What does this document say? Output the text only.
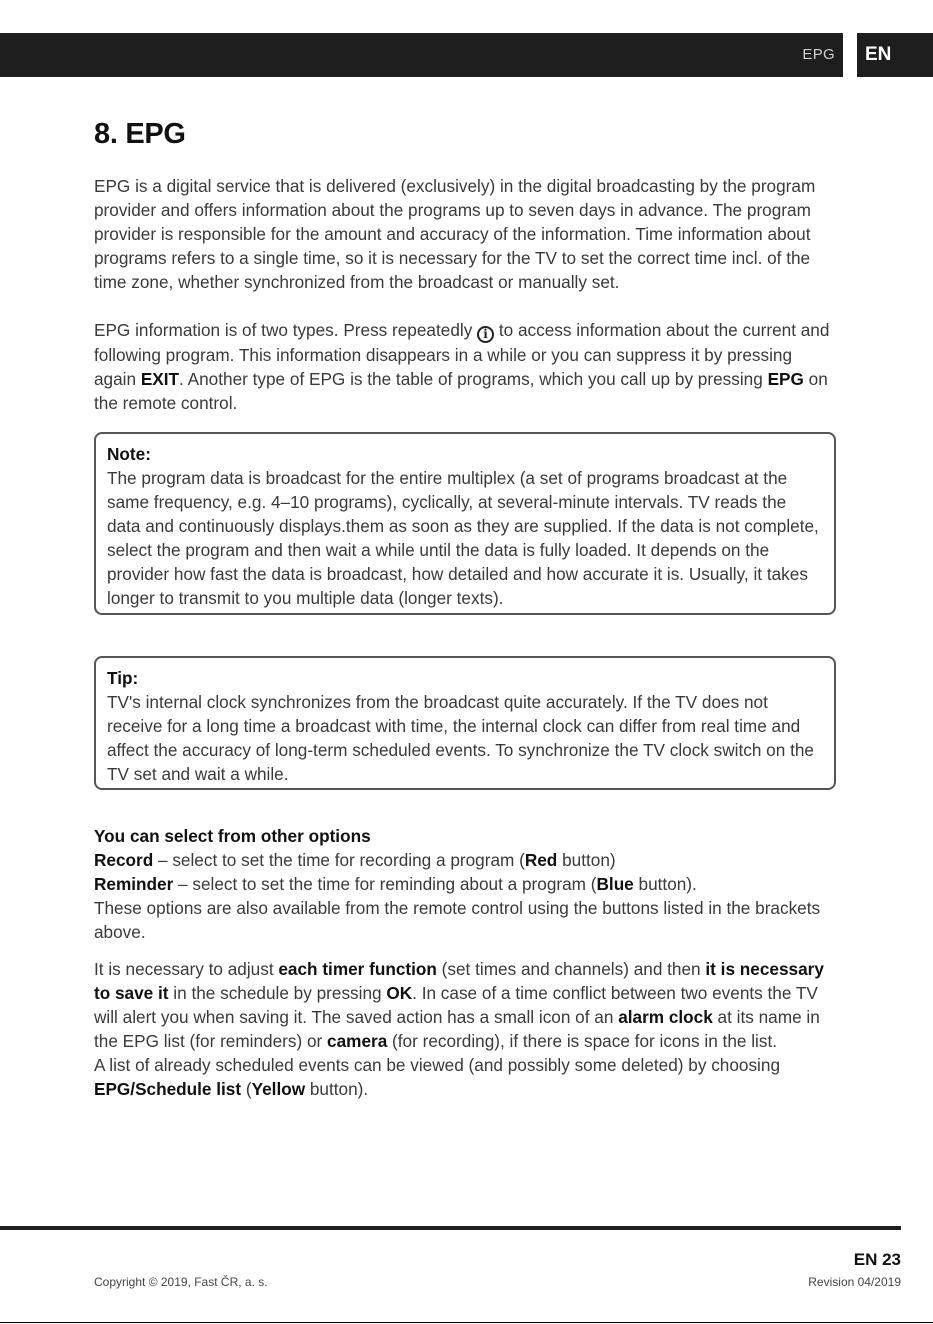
EPG	EN
8. EPG

EPG is a digital service that is delivered (exclusively) in the digital broadcasting by the program provider and offers information about the programs up to seven days in advance. The program provider is responsible for the amount and accuracy of the information. Time information about programs refers to a single time, so it is necessary for the TV to set the correct time incl. of the time zone, whether synchronized from the broadcast or manually set.

EPG information is of two types. Press repeatedly i to access information about the current and following program. This information disappears in a while or you can suppress it by pressing again EXIT. Another type of EPG is the table of programs, which you call up by pressing EPG on the remote control.

Note:

The program data is broadcast for the entire multiplex (a set of programs broadcast at the same frequency, e.g. 4–10 programs), cyclically, at several-minute intervals. TV reads the data and continuously displays.them as soon as they are supplied. If the data is not complete, select the program and then wait a while until the data is fully loaded. It depends on the provider how fast the data is broadcast, how detailed and how accurate it is. Usually, it takes longer to transmit to you multiple data (longer texts).

Tip:

TV's internal clock synchronizes from the broadcast quite accurately. If the TV does not receive for a long time a broadcast with time, the internal clock can differ from real time and affect the accuracy of long-term scheduled events. To synchronize the TV clock switch on the TV set and wait a while.

You can select from other options

Record – select to set the time for recording a program (Red button)

Reminder – select to set the time for reminding about a program (Blue button).

These options are also available from the remote control using the buttons listed in the brackets above.

It is necessary to adjust each timer function (set times and channels) and then it is necessary to save it in the schedule by pressing OK. In case of a time conflict between two events the TV will alert you when saving it. The saved action has a small icon of an alarm clock at its name in the EPG list (for reminders) or camera (for recording), if there is space for icons in the list.

A list of already scheduled events can be viewed (and possibly some deleted) by choosing EPG/Schedule list (Yellow button).

EN 23
Copyright © 2019, Fast ČR, a. s.	Revision 04/2019
